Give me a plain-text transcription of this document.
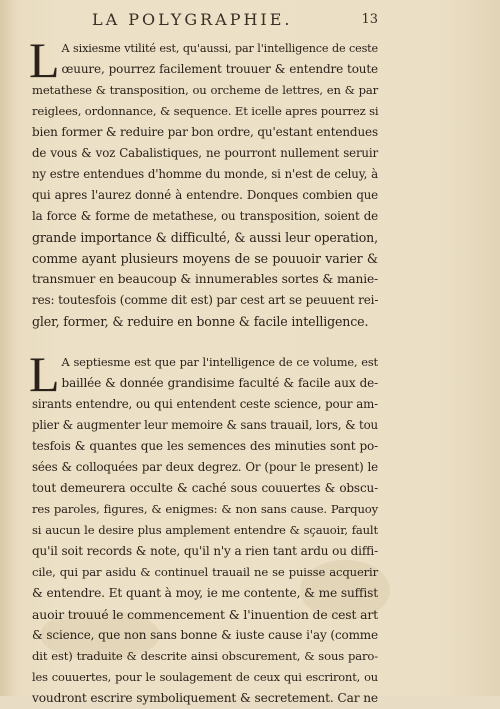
LA POLYGRAPHIE.	13
L A sixiesme vtilité est, qu'aussi, par l'intelligence de ceste
œuure, pourrez facilement trouuer & entendre toute
metathese & transposition, ou orcheme de lettres, en & par
reiglees, ordonnance, & sequence. Et icelle apres pourrez si
bien former & reduire par bon ordre, qu'estant entendues
de vous & voz Cabalistiques, ne pourront nullement seruir
ny estre entendues d'homme du monde, si n'est de celuy, à
qui apres l'aurez donné à entendre. Donques combien que
la force & forme de metathese, ou transposition, soient de
grande importance & difficulté, & aussi leur operation,
comme ayant plusieurs moyens de se pouuoir varier &
transmuer en beaucoup & innumerables sortes & manie-
res: toutesfois (comme dit est) par cest art se peuuent rei-
gler, former, & reduire en bonne & facile intelligence.
L A septiesme est que par l'intelligence de ce volume, est
baillée & donnée grandisime faculté & facile aux de-
sirants entendre, ou qui entendent ceste science, pour am-
plier & augmenter leur memoire & sans trauail, lors, & tou
tesfois & quantes que les semences des minuties sont po-
sées & colloquées par deux degrez. Or (pour le present) le
tout demeurera occulte & caché sous couuertes & obscu-
res paroles, figures, & enigmes: & non sans cause. Parquoy
si aucun le desire plus amplement entendre & sçauoir, fault
qu'il soit records & note, qu'il n'y a rien tant ardu ou diffi-
cile, qui par asidu & continuel trauail ne se puisse acquerir
& entendre. Et quant à moy, ie me contente, & me suffist
auoir trouué le commencement & l'inuention de cest art
& science, que non sans bonne & iuste cause i'ay (comme
dit est) traduite & descrite ainsi obscurement, & sous paro-
les couuertes, pour le soulagement de ceux qui escriront, ou
voudront escrire symboliquement & secretement. Car ne
